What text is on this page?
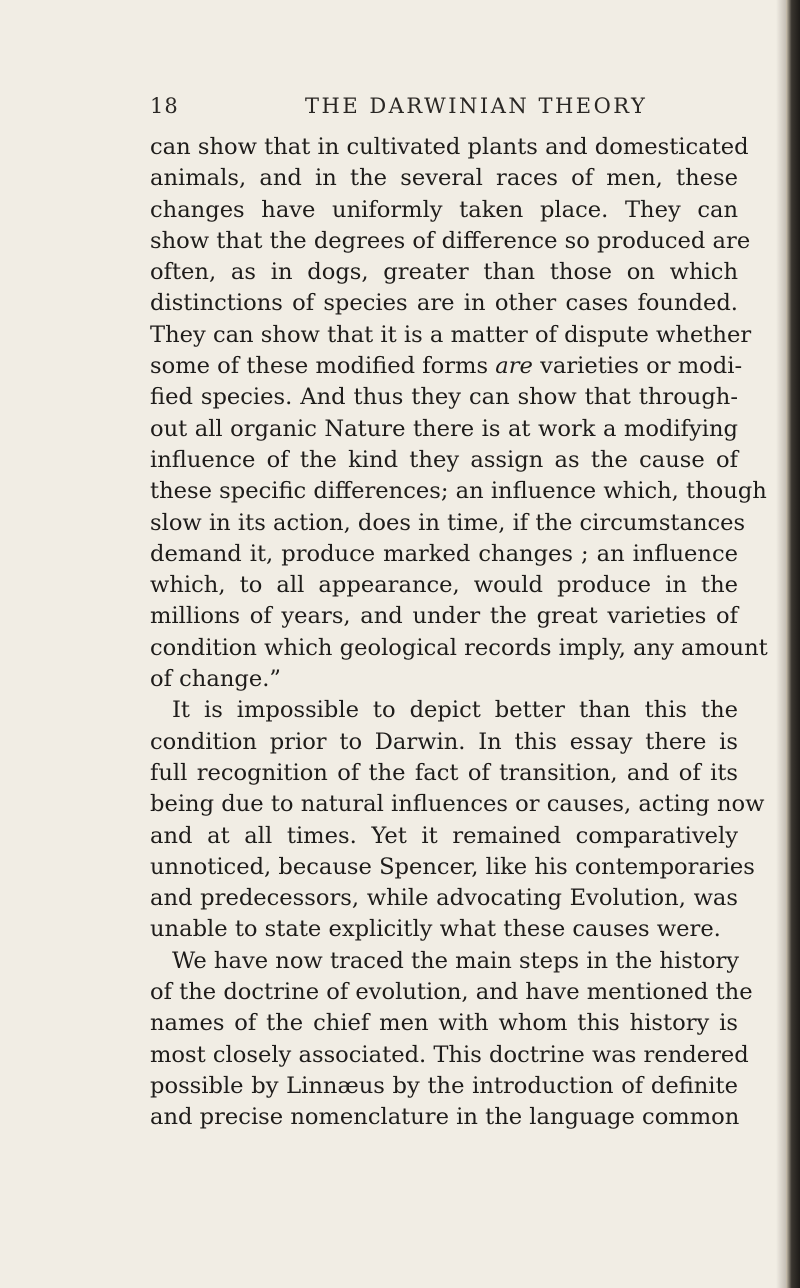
18	THE DARWINIAN THEORY
can show that in cultivated plants and domesticated
animals, and in the several races of men, these
changes have uniformly taken place. They can
show that the degrees of difference so produced are
often, as in dogs, greater than those on which
distinctions of species are in other cases founded.
They can show that it is a matter of dispute whether
some of these modified forms are varieties or modi-
fied species. And thus they can show that through-
out all organic Nature there is at work a modifying
influence of the kind they assign as the cause of
these specific differences; an influence which, though
slow in its action, does in time, if the circumstances
demand it, produce marked changes ; an influence
which, to all appearance, would produce in the
millions of years, and under the great varieties of
condition which geological records imply, any amount
of change.”
It is impossible to depict better than this the
condition prior to Darwin. In this essay there is
full recognition of the fact of transition, and of its
being due to natural influences or causes, acting now
and at all times. Yet it remained comparatively
unnoticed, because Spencer, like his contemporaries
and predecessors, while advocating Evolution, was
unable to state explicitly what these causes were.
We have now traced the main steps in the history
of the doctrine of evolution, and have mentioned the
names of the chief men with whom this history is
most closely associated. This doctrine was rendered
possible by Linnæus by the introduction of definite
and precise nomenclature in the language common
